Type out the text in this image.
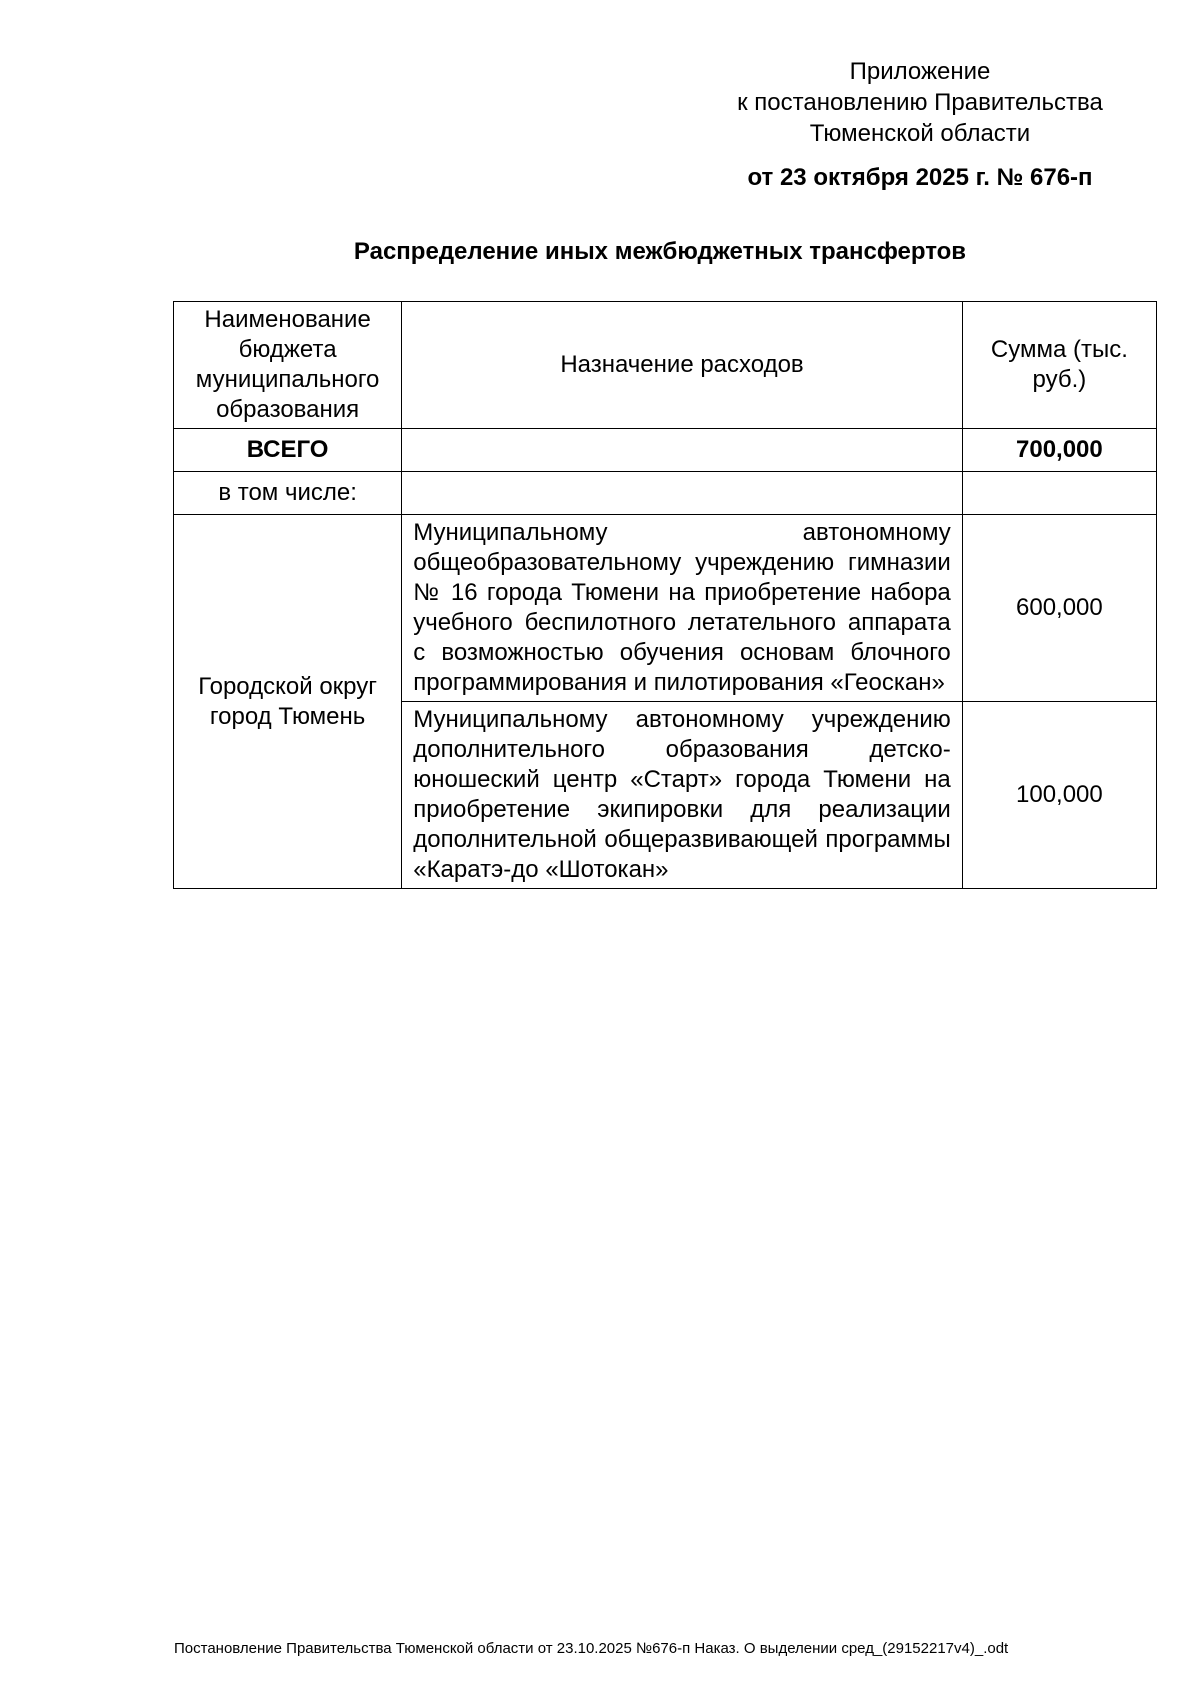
Приложение
к постановлению Правительства
Тюменской области
от 23 октября 2025 г. № 676-п
Распределение иных межбюджетных трансфертов
Наименование бюджета муниципального образования	Назначение расходов	Сумма (тыс. руб.)
ВСЕГО		700,000
в том числе:		
Городской округ город Тюмень	Муниципальному автономному общеобразовательному учреждению гимназии № 16 города Тюмени на приобретение набора учебного беспилотного летательного аппарата с возможностью обучения основам блочного программирования и пилотирования «Геоскан»	600,000
	Муниципальному автономному учреждению дополнительного образования детско-юношеский центр «Старт» города Тюмени на приобретение экипировки для реализации дополнительной общеразвивающей программы «Каратэ-до «Шотокан»	100,000
Постановление Правительства Тюменской области от 23.10.2025 №676-п Наказ. О выделении сред_(29152217v4)_.odt
